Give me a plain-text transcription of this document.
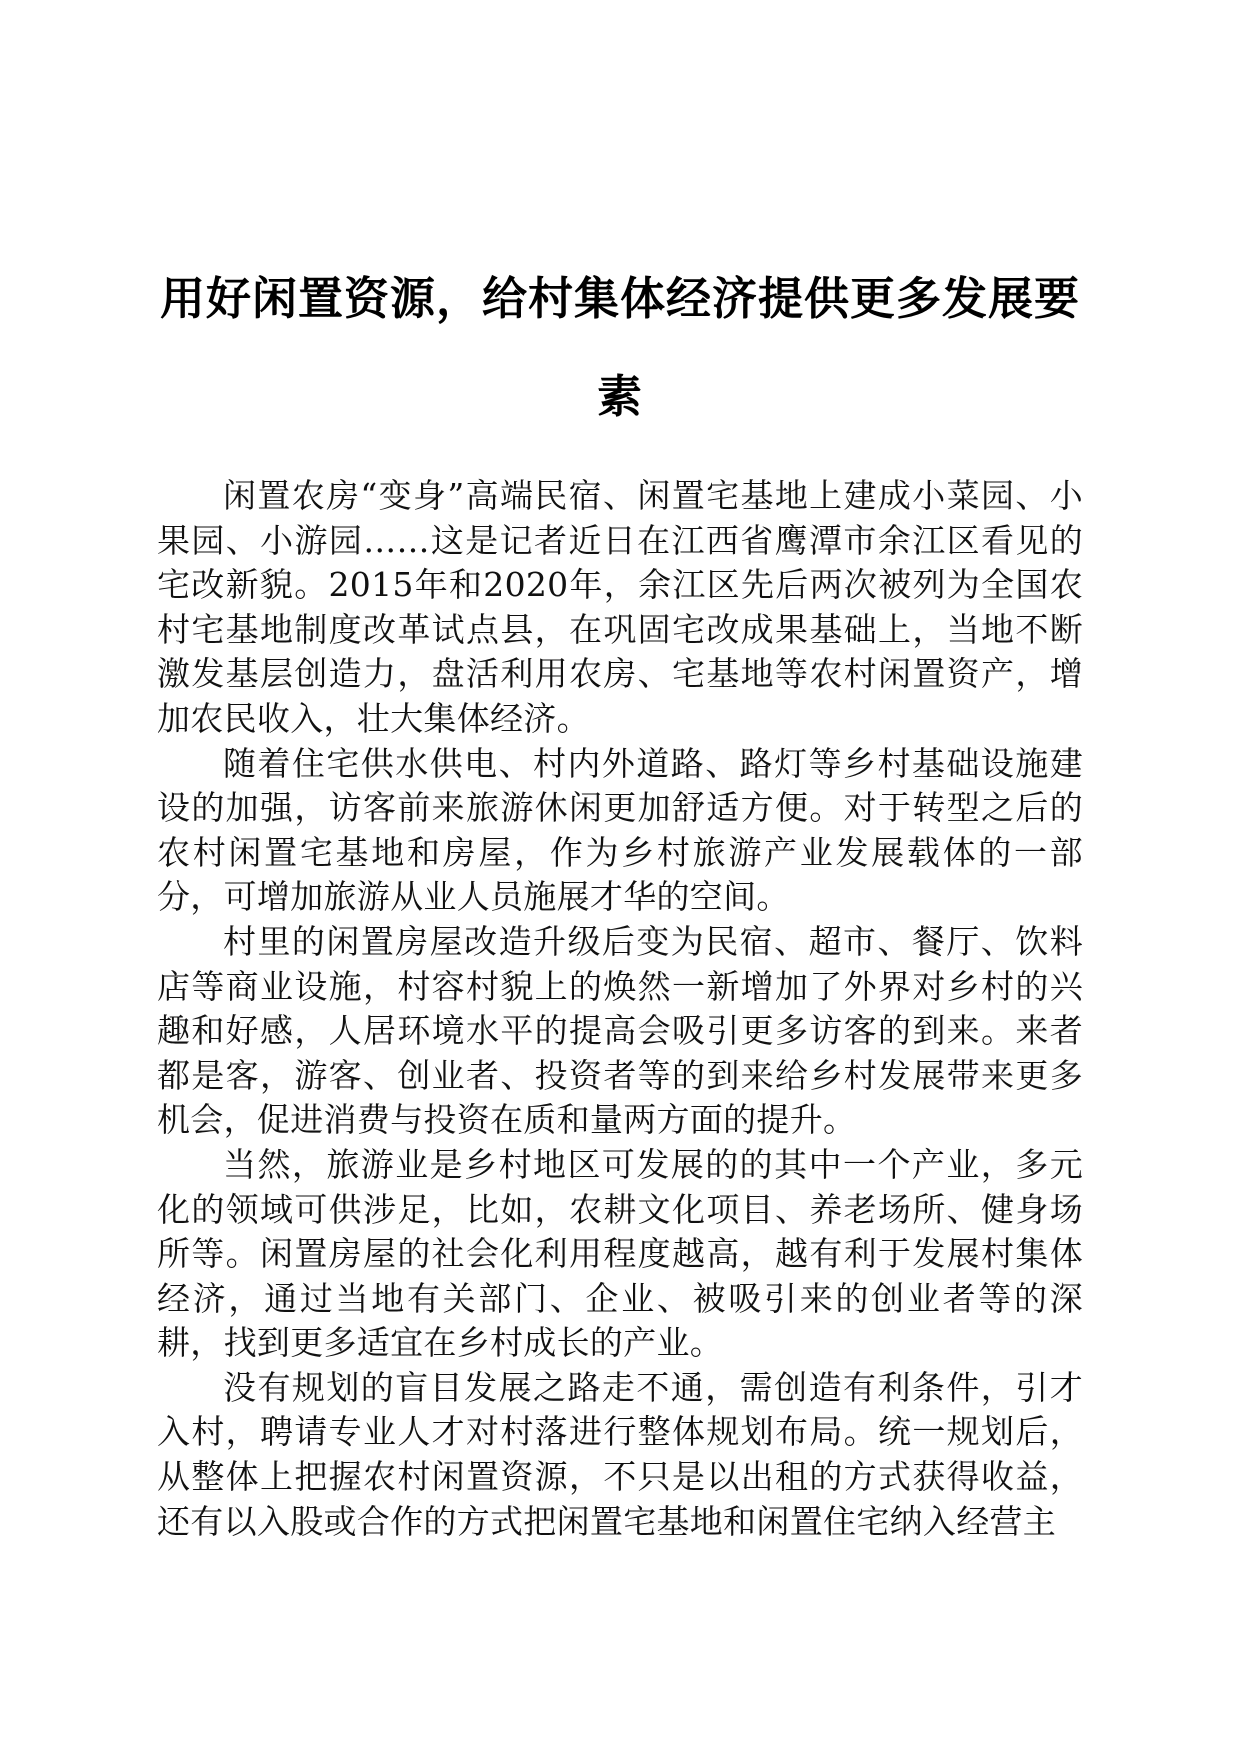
用好闲置资源，给村集体经济提供更多发展要素

闲置农房“变身”高端民宿、闲置宅基地上建成小菜园、小果园、小游园……这是记者近日在江西省鹰潭市余江区看见的宅改新貌。2015年和2020年，余江区先后两次被列为全国农村宅基地制度改革试点县，在巩固宅改成果基础上，当地不断激发基层创造力，盘活利用农房、宅基地等农村闲置资产，增加农民收入，壮大集体经济。

随着住宅供水供电、村内外道路、路灯等乡村基础设施建设的加强，访客前来旅游休闲更加舒适方便。对于转型之后的农村闲置宅基地和房屋，作为乡村旅游产业发展载体的一部分，可增加旅游从业人员施展才华的空间。

村里的闲置房屋改造升级后变为民宿、超市、餐厅、饮料店等商业设施，村容村貌上的焕然一新增加了外界对乡村的兴趣和好感，人居环境水平的提高会吸引更多访客的到来。来者都是客，游客、创业者、投资者等的到来给乡村发展带来更多机会，促进消费与投资在质和量两方面的提升。

当然，旅游业是乡村地区可发展的的其中一个产业，多元化的领域可供涉足，比如，农耕文化项目、养老场所、健身场所等。闲置房屋的社会化利用程度越高，越有利于发展村集体经济，通过当地有关部门、企业、被吸引来的创业者等的深耕，找到更多适宜在乡村成长的产业。

没有规划的盲目发展之路走不通，需创造有利条件，引才入村，聘请专业人才对村落进行整体规划布局。统一规划后，从整体上把握农村闲置资源，不只是以出租的方式获得收益，还有以入股或合作的方式把闲置宅基地和闲置住宅纳入经营主
